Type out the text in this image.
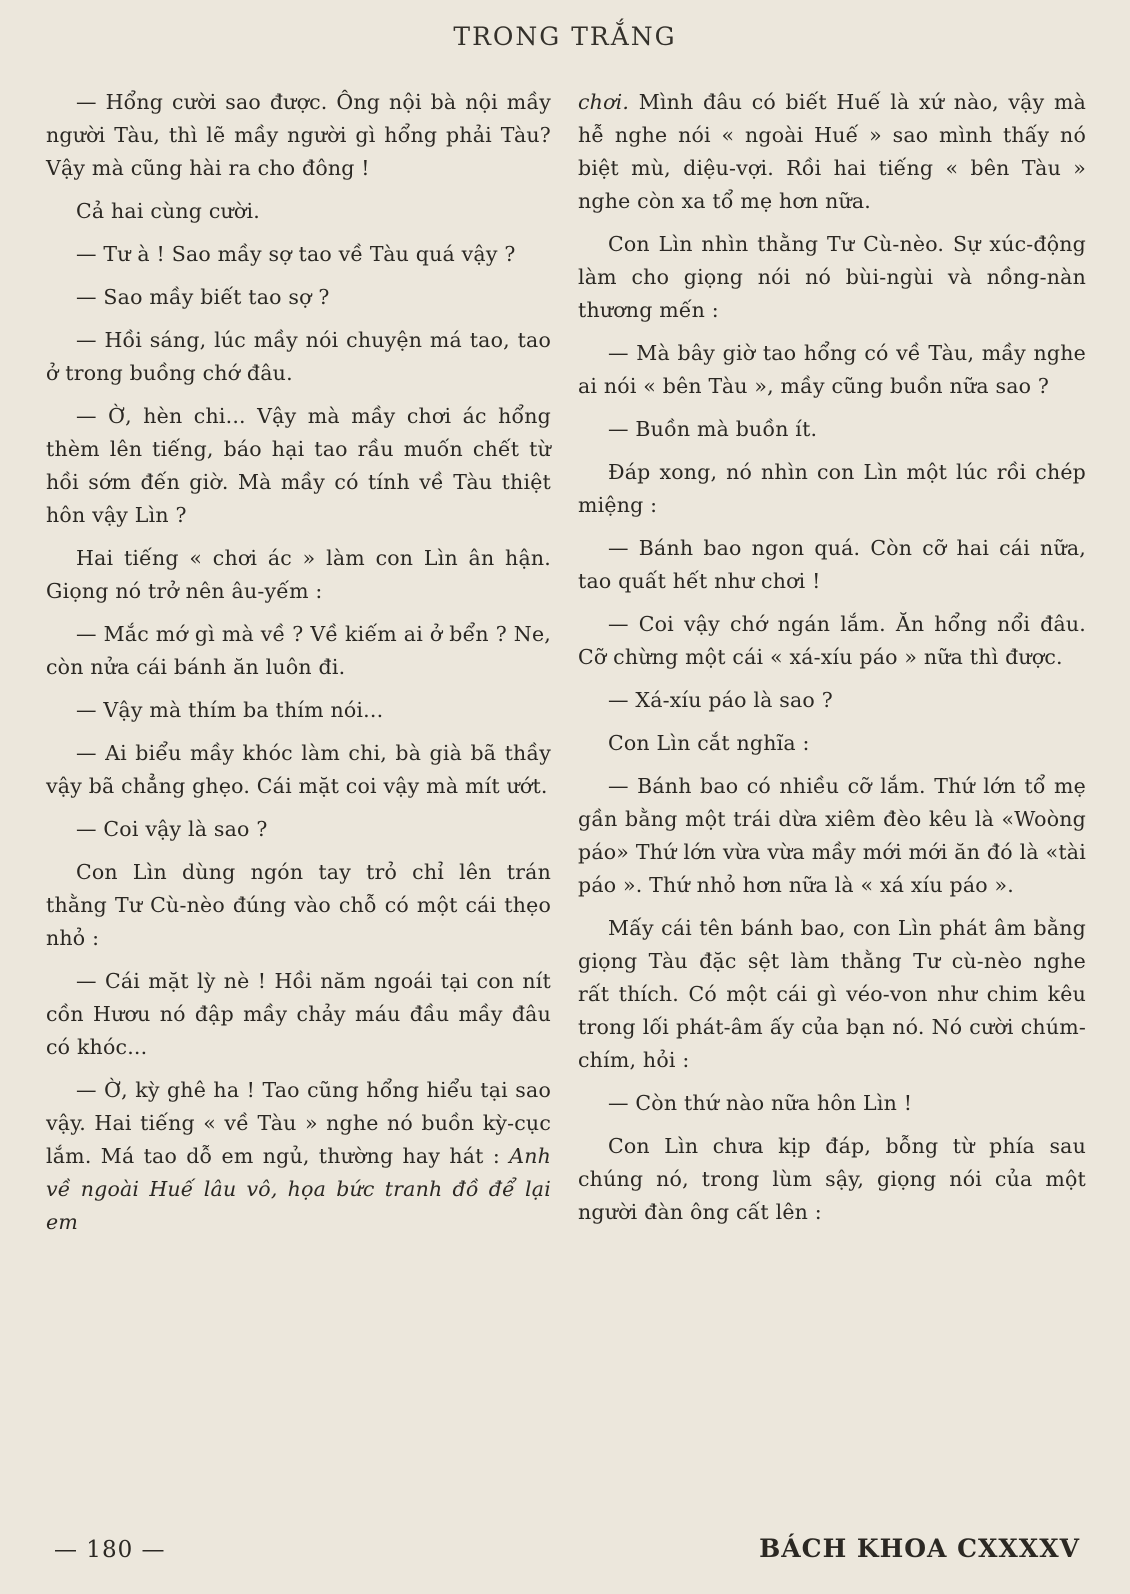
TRONG TRẮNG

— Hổng cười sao được. Ông nội bà nội mầy người Tàu, thì lẽ mầy người gì hổng phải Tàu? Vậy mà cũng hài ra cho đông !

Cả hai cùng cười.

— Tư à ! Sao mầy sợ tao về Tàu quá vậy ?

— Sao mầy biết tao sợ ?

— Hồi sáng, lúc mầy nói chuyện má tao, tao ở trong buồng chớ đâu.

— Ờ, hèn chi... Vậy mà mầy chơi ác hổng thèm lên tiếng, báo hại tao rầu muốn chết từ hồi sớm đến giờ. Mà mầy có tính về Tàu thiệt hôn vậy Lìn ?

Hai tiếng « chơi ác » làm con Lìn ân hận. Giọng nó trở nên âu-yếm :

— Mắc mớ gì mà về ? Về kiếm ai ở bển ? Ne, còn nửa cái bánh ăn luôn đi.

— Vậy mà thím ba thím nói...

— Ai biểu mầy khóc làm chi, bà già bã thầy vậy bã chẳng ghẹo. Cái mặt coi vậy mà mít ướt.

— Coi vậy là sao ?

Con Lìn dùng ngón tay trỏ chỉ lên trán thằng Tư Cù-nèo đúng vào chỗ có một cái thẹo nhỏ :

— Cái mặt lỳ nè ! Hồi năm ngoái tại con nít cồn Hươu nó đập mầy chảy máu đầu mầy đâu có khóc...

— Ờ, kỳ ghê ha ! Tao cũng hổng hiểu tại sao vậy. Hai tiếng « về Tàu » nghe nó buồn kỳ-cục lắm. Má tao dỗ em ngủ, thường hay hát : Anh về ngoài Huế lâu vô, họa bức tranh đồ để lại em

chơi. Mình đâu có biết Huế là xứ nào, vậy mà hễ nghe nói « ngoài Huế » sao mình thấy nó biệt mù, diệu-vợi. Rồi hai tiếng « bên Tàu » nghe còn xa tổ mẹ hơn nữa.

Con Lìn nhìn thằng Tư Cù-nèo. Sự xúc-động làm cho giọng nói nó bùi-ngùi và nồng-nàn thương mến :

— Mà bây giờ tao hổng có về Tàu, mầy nghe ai nói « bên Tàu », mầy cũng buồn nữa sao ?

— Buồn mà buồn ít.

Đáp xong, nó nhìn con Lìn một lúc rồi chép miệng :

— Bánh bao ngon quá. Còn cỡ hai cái nữa, tao quất hết như chơi !

— Coi vậy chớ ngán lắm. Ăn hổng nổi đâu. Cỡ chừng một cái « xá-xíu páo » nữa thì được.

— Xá-xíu páo là sao ?

Con Lìn cắt nghĩa :

— Bánh bao có nhiều cỡ lắm. Thứ lớn tổ mẹ gần bằng một trái dừa xiêm đèo kêu là «Woòng páo» Thứ lớn vừa vừa mầy mới mới ăn đó là «tài páo ». Thứ nhỏ hơn nữa là « xá xíu páo ».

Mấy cái tên bánh bao, con Lìn phát âm bằng giọng Tàu đặc sệt làm thằng Tư cù-nèo nghe rất thích. Có một cái gì véo-von như chim kêu trong lối phát-âm ấy của bạn nó. Nó cười chúm-chím, hỏi :

— Còn thứ nào nữa hôn Lìn !

Con Lìn chưa kịp đáp, bỗng từ phía sau chúng nó, trong lùm sậy, giọng nói của một người đàn ông cất lên :

— 180 —	BÁCH KHOA CXXXXV
